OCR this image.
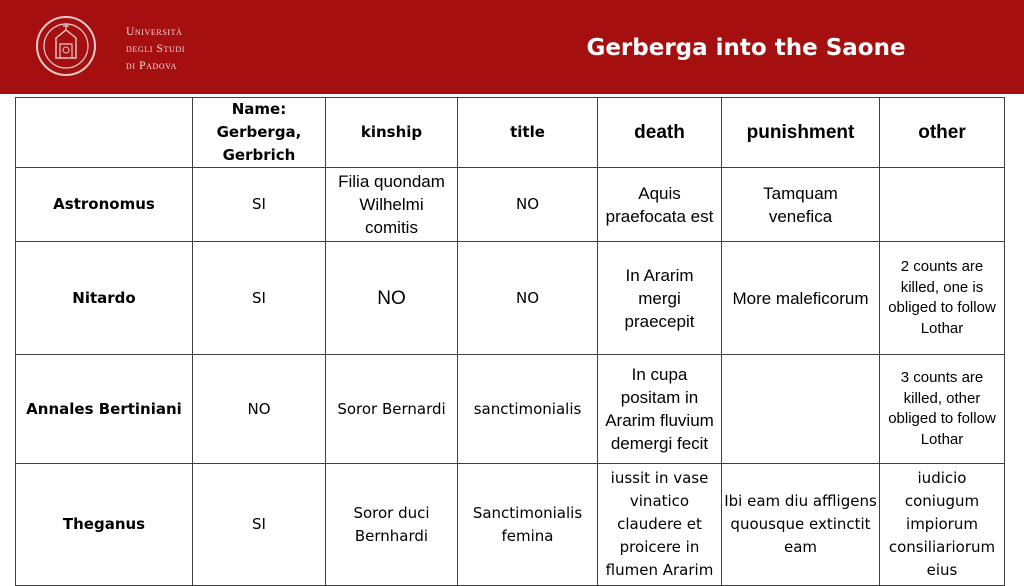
Università
degli Studi
di Padova
Gerberga into the Saone
	Name:
Gerberga,
Gerbrich	kinship	title	death	punishment	other
Astronomus	SI	Filia quondam
Wilhelmi
comitis	NO	Aquis
praefocata est	Tamquam
venefica	
Nitardo	SI	NO	NO	In Ararim
mergi
praecepit	More maleficorum	2 counts are
killed, one is
obliged to follow
Lothar
Annales Bertiniani	NO	Soror Bernardi	sanctimonialis	In cupa
positam in
Ararim fluvium
demergi fecit		3 counts are
killed, other
obliged to follow
Lothar
Theganus	SI	Soror duci
Bernhardi	Sanctimonialis
femina	iussit in vase
vinatico
claudere et
proicere in
flumen Ararim	Ibi eam diu affligens
quousque extinctit
eam	iudicio
coniugum
impiorum
consiliariorum
eius
